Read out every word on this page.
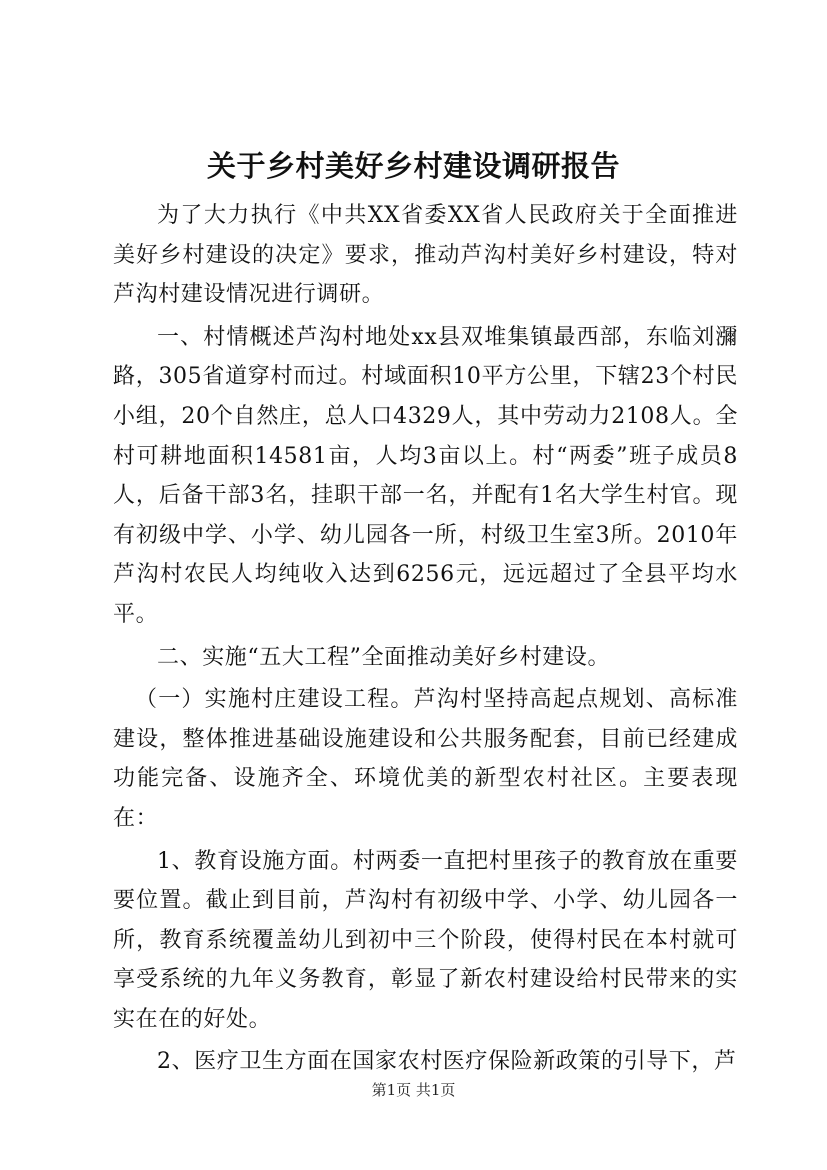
关于乡村美好乡村建设调研报告

为了大力执行《中共XX省委XX省人民政府关于全面推进美好乡村建设的决定》要求，推动芦沟村美好乡村建设，特对芦沟村建设情况进行调研。

一、村情概述芦沟村地处xx县双堆集镇最西部，东临刘瀰路，305省道穿村而过。村域面积10平方公里，下辖23个村民小组，20个自然庄，总人口4329人，其中劳动力2108人。全村可耕地面积14581亩，人均3亩以上。村“两委”班子成员8人，后备干部3名，挂职干部一名，并配有1名大学生村官。现有初级中学、小学、幼儿园各一所，村级卫生室3所。2010年芦沟村农民人均纯收入达到6256元，远远超过了全县平均水平。

二、实施“五大工程”全面推动美好乡村建设。

（一）实施村庄建设工程。芦沟村坚持高起点规划、高标准建设，整体推进基础设施建设和公共服务配套，目前已经建成功能完备、设施齐全、环境优美的新型农村社区。主要表现在：

1、教育设施方面。村两委一直把村里孩子的教育放在重要要位置。截止到目前，芦沟村有初级中学、小学、幼儿园各一所，教育系统覆盖幼儿到初中三个阶段，使得村民在本村就可享受系统的九年义务教育，彰显了新农村建设给村民带来的实实在在的好处。

2、医疗卫生方面在国家农村医疗保险新政策的引导下，芦

第1页 共1页
